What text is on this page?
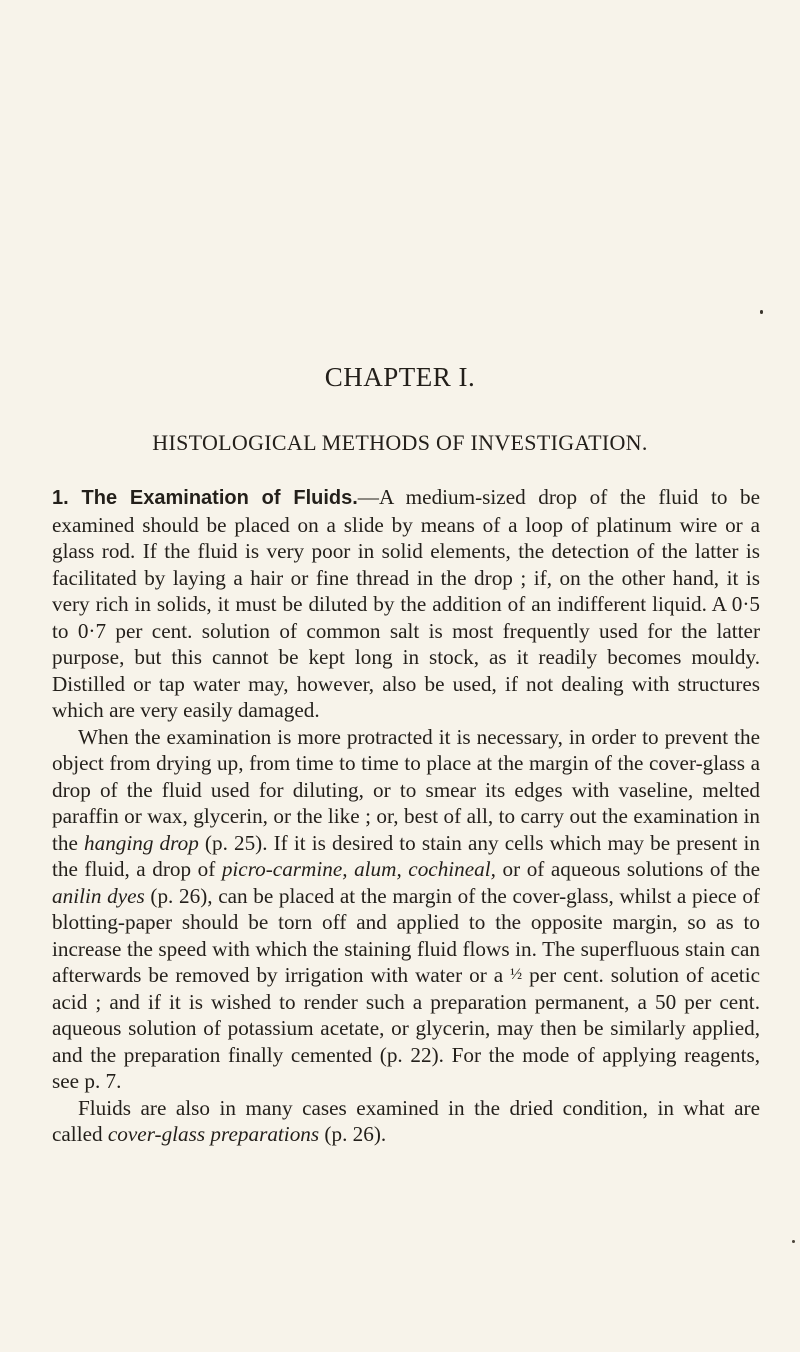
CHAPTER I.
HISTOLOGICAL METHODS OF INVESTIGATION.

1. The Examination of Fluids.—A medium-sized drop of the fluid to be examined should be placed on a slide by means of a loop of platinum wire or a glass rod. If the fluid is very poor in solid elements, the detection of the latter is facilitated by laying a hair or fine thread in the drop ; if, on the other hand, it is very rich in solids, it must be diluted by the addition of an indifferent liquid. A 0·5 to 0·7 per cent. solution of common salt is most frequently used for the latter purpose, but this cannot be kept long in stock, as it readily becomes mouldy. Distilled or tap water may, however, also be used, if not dealing with structures which are very easily damaged.

When the examination is more protracted it is necessary, in order to prevent the object from drying up, from time to time to place at the margin of the cover-glass a drop of the fluid used for diluting, or to smear its edges with vaseline, melted paraffin or wax, glycerin, or the like ; or, best of all, to carry out the examination in the hanging drop (p. 25). If it is desired to stain any cells which may be present in the fluid, a drop of picro-carmine, alum, cochineal, or of aqueous solutions of the anilin dyes (p. 26), can be placed at the margin of the cover-glass, whilst a piece of blotting-paper should be torn off and applied to the opposite margin, so as to increase the speed with which the staining fluid flows in. The superfluous stain can afterwards be removed by irrigation with water or a ½ per cent. solution of acetic acid ; and if it is wished to render such a preparation permanent, a 50 per cent. aqueous solution of potassium acetate, or glycerin, may then be similarly applied, and the preparation finally cemented (p. 22). For the mode of applying reagents, see p. 7.

Fluids are also in many cases examined in the dried condition, in what are called cover-glass preparations (p. 26).
